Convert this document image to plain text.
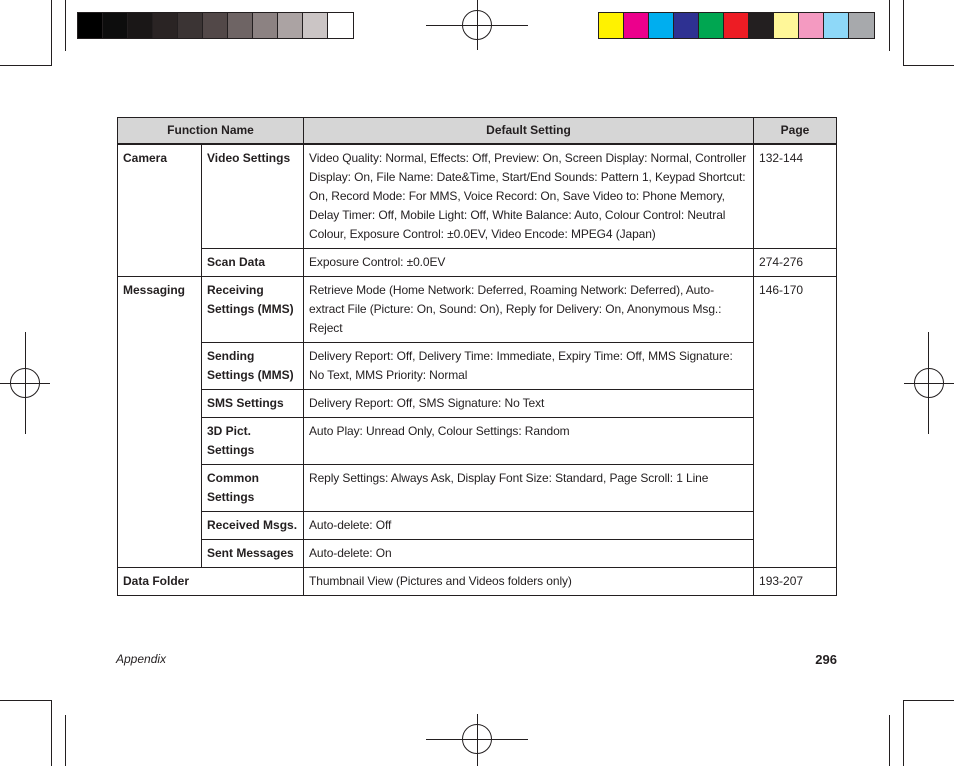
Function Name		Default Setting	Page
Camera	Video Settings	Video Quality: Normal, Effects: Off, Preview: On, Screen Display: Normal, Controller Display: On, File Name: Date&Time, Start/End Sounds: Pattern 1, Keypad Shortcut: On, Record Mode: For MMS, Voice Record: On, Save Video to: Phone Memory, Delay Timer: Off, Mobile Light: Off, White Balance: Auto, Colour Control: Neutral Colour, Exposure Control: ±0.0EV, Video Encode: MPEG4 (Japan)	132-144
	Scan Data	Exposure Control: ±0.0EV	274-276
Messaging	Receiving Settings (MMS)	Retrieve Mode (Home Network: Deferred, Roaming Network: Deferred), Auto-extract File (Picture: On, Sound: On), Reply for Delivery: On, Anonymous Msg.: Reject	146-170
	Sending Settings (MMS)	Delivery Report: Off, Delivery Time: Immediate, Expiry Time: Off, MMS Signature: No Text, MMS Priority: Normal	
	SMS Settings	Delivery Report: Off, SMS Signature: No Text	
	3D Pict. Settings	Auto Play: Unread Only, Colour Settings: Random	
	Common Settings	Reply Settings: Always Ask, Display Font Size: Standard, Page Scroll: 1 Line	
	Received Msgs.	Auto-delete: Off	
	Sent Messages	Auto-delete: On	
Data Folder		Thumbnail View (Pictures and Videos folders only)	193-207
Appendix	296
